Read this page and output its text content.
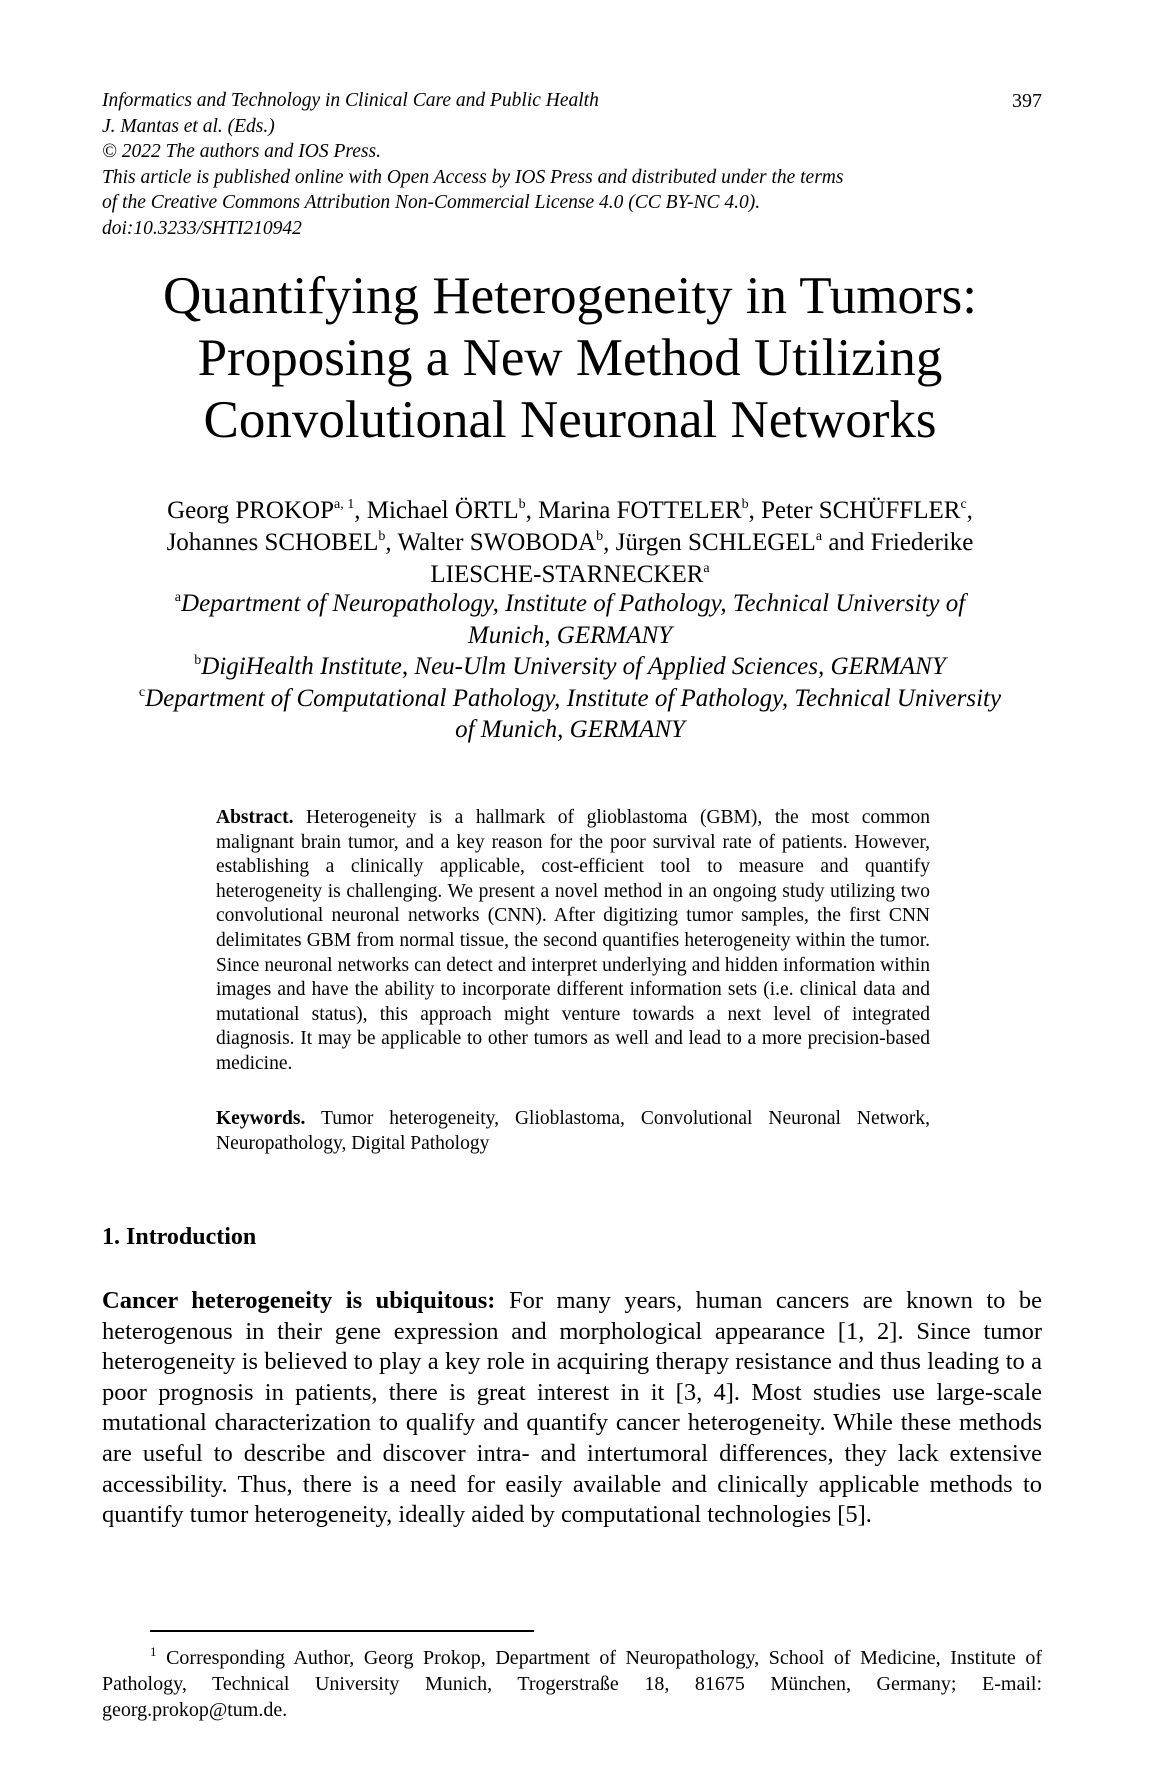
Informatics and Technology in Clinical Care and Public Health
J. Mantas et al. (Eds.)
© 2022 The authors and IOS Press.
This article is published online with Open Access by IOS Press and distributed under the terms
of the Creative Commons Attribution Non-Commercial License 4.0 (CC BY-NC 4.0).
doi:10.3233/SHTI210942
397
Quantifying Heterogeneity in Tumors:
Proposing a New Method Utilizing
Convolutional Neuronal Networks
Georg PROKOP$^{a, 1}$, Michael ÖRTL$^b$, Marina FOTTELER$^b$, Peter SCHÜFFLER$^c$,
Johannes SCHOBEL$^b$, Walter SWOBODA$^b$, Jürgen SCHLEGEL$^a$ and Friederike
LIESCHE-STARNECKER$^a$
$^a$Department of Neuropathology, Institute of Pathology, Technical University of
Munich, GERMANY
$^b$DigiHealth Institute, Neu-Ulm University of Applied Sciences, GERMANY
$^c$Department of Computational Pathology, Institute of Pathology, Technical University
of Munich, GERMANY
Abstract. Heterogeneity is a hallmark of glioblastoma (GBM), the most common malignant brain tumor, and a key reason for the poor survival rate of patients. However, establishing a clinically applicable, cost-efficient tool to measure and quantify heterogeneity is challenging. We present a novel method in an ongoing study utilizing two convolutional neuronal networks (CNN). After digitizing tumor samples, the first CNN delimitates GBM from normal tissue, the second quantifies heterogeneity within the tumor. Since neuronal networks can detect and interpret underlying and hidden information within images and have the ability to incorporate different information sets (i.e. clinical data and mutational status), this approach might venture towards a next level of integrated diagnosis. It may be applicable to other tumors as well and lead to a more precision-based medicine.
Keywords. Tumor heterogeneity, Glioblastoma, Convolutional Neuronal Network, Neuropathology, Digital Pathology
1. Introduction
Cancer heterogeneity is ubiquitous: For many years, human cancers are known to be heterogenous in their gene expression and morphological appearance [1, 2]. Since tumor heterogeneity is believed to play a key role in acquiring therapy resistance and thus leading to a poor prognosis in patients, there is great interest in it [3, 4]. Most studies use large-scale mutational characterization to qualify and quantify cancer heterogeneity. While these methods are useful to describe and discover intra- and intertumoral differences, they lack extensive accessibility. Thus, there is a need for easily available and clinically applicable methods to quantify tumor heterogeneity, ideally aided by computational technologies [5].
$^1$ Corresponding Author, Georg Prokop, Department of Neuropathology, School of Medicine, Institute of Pathology, Technical University Munich, Trogerstraße 18, 81675 München, Germany; E-mail: georg.prokop@tum.de.
